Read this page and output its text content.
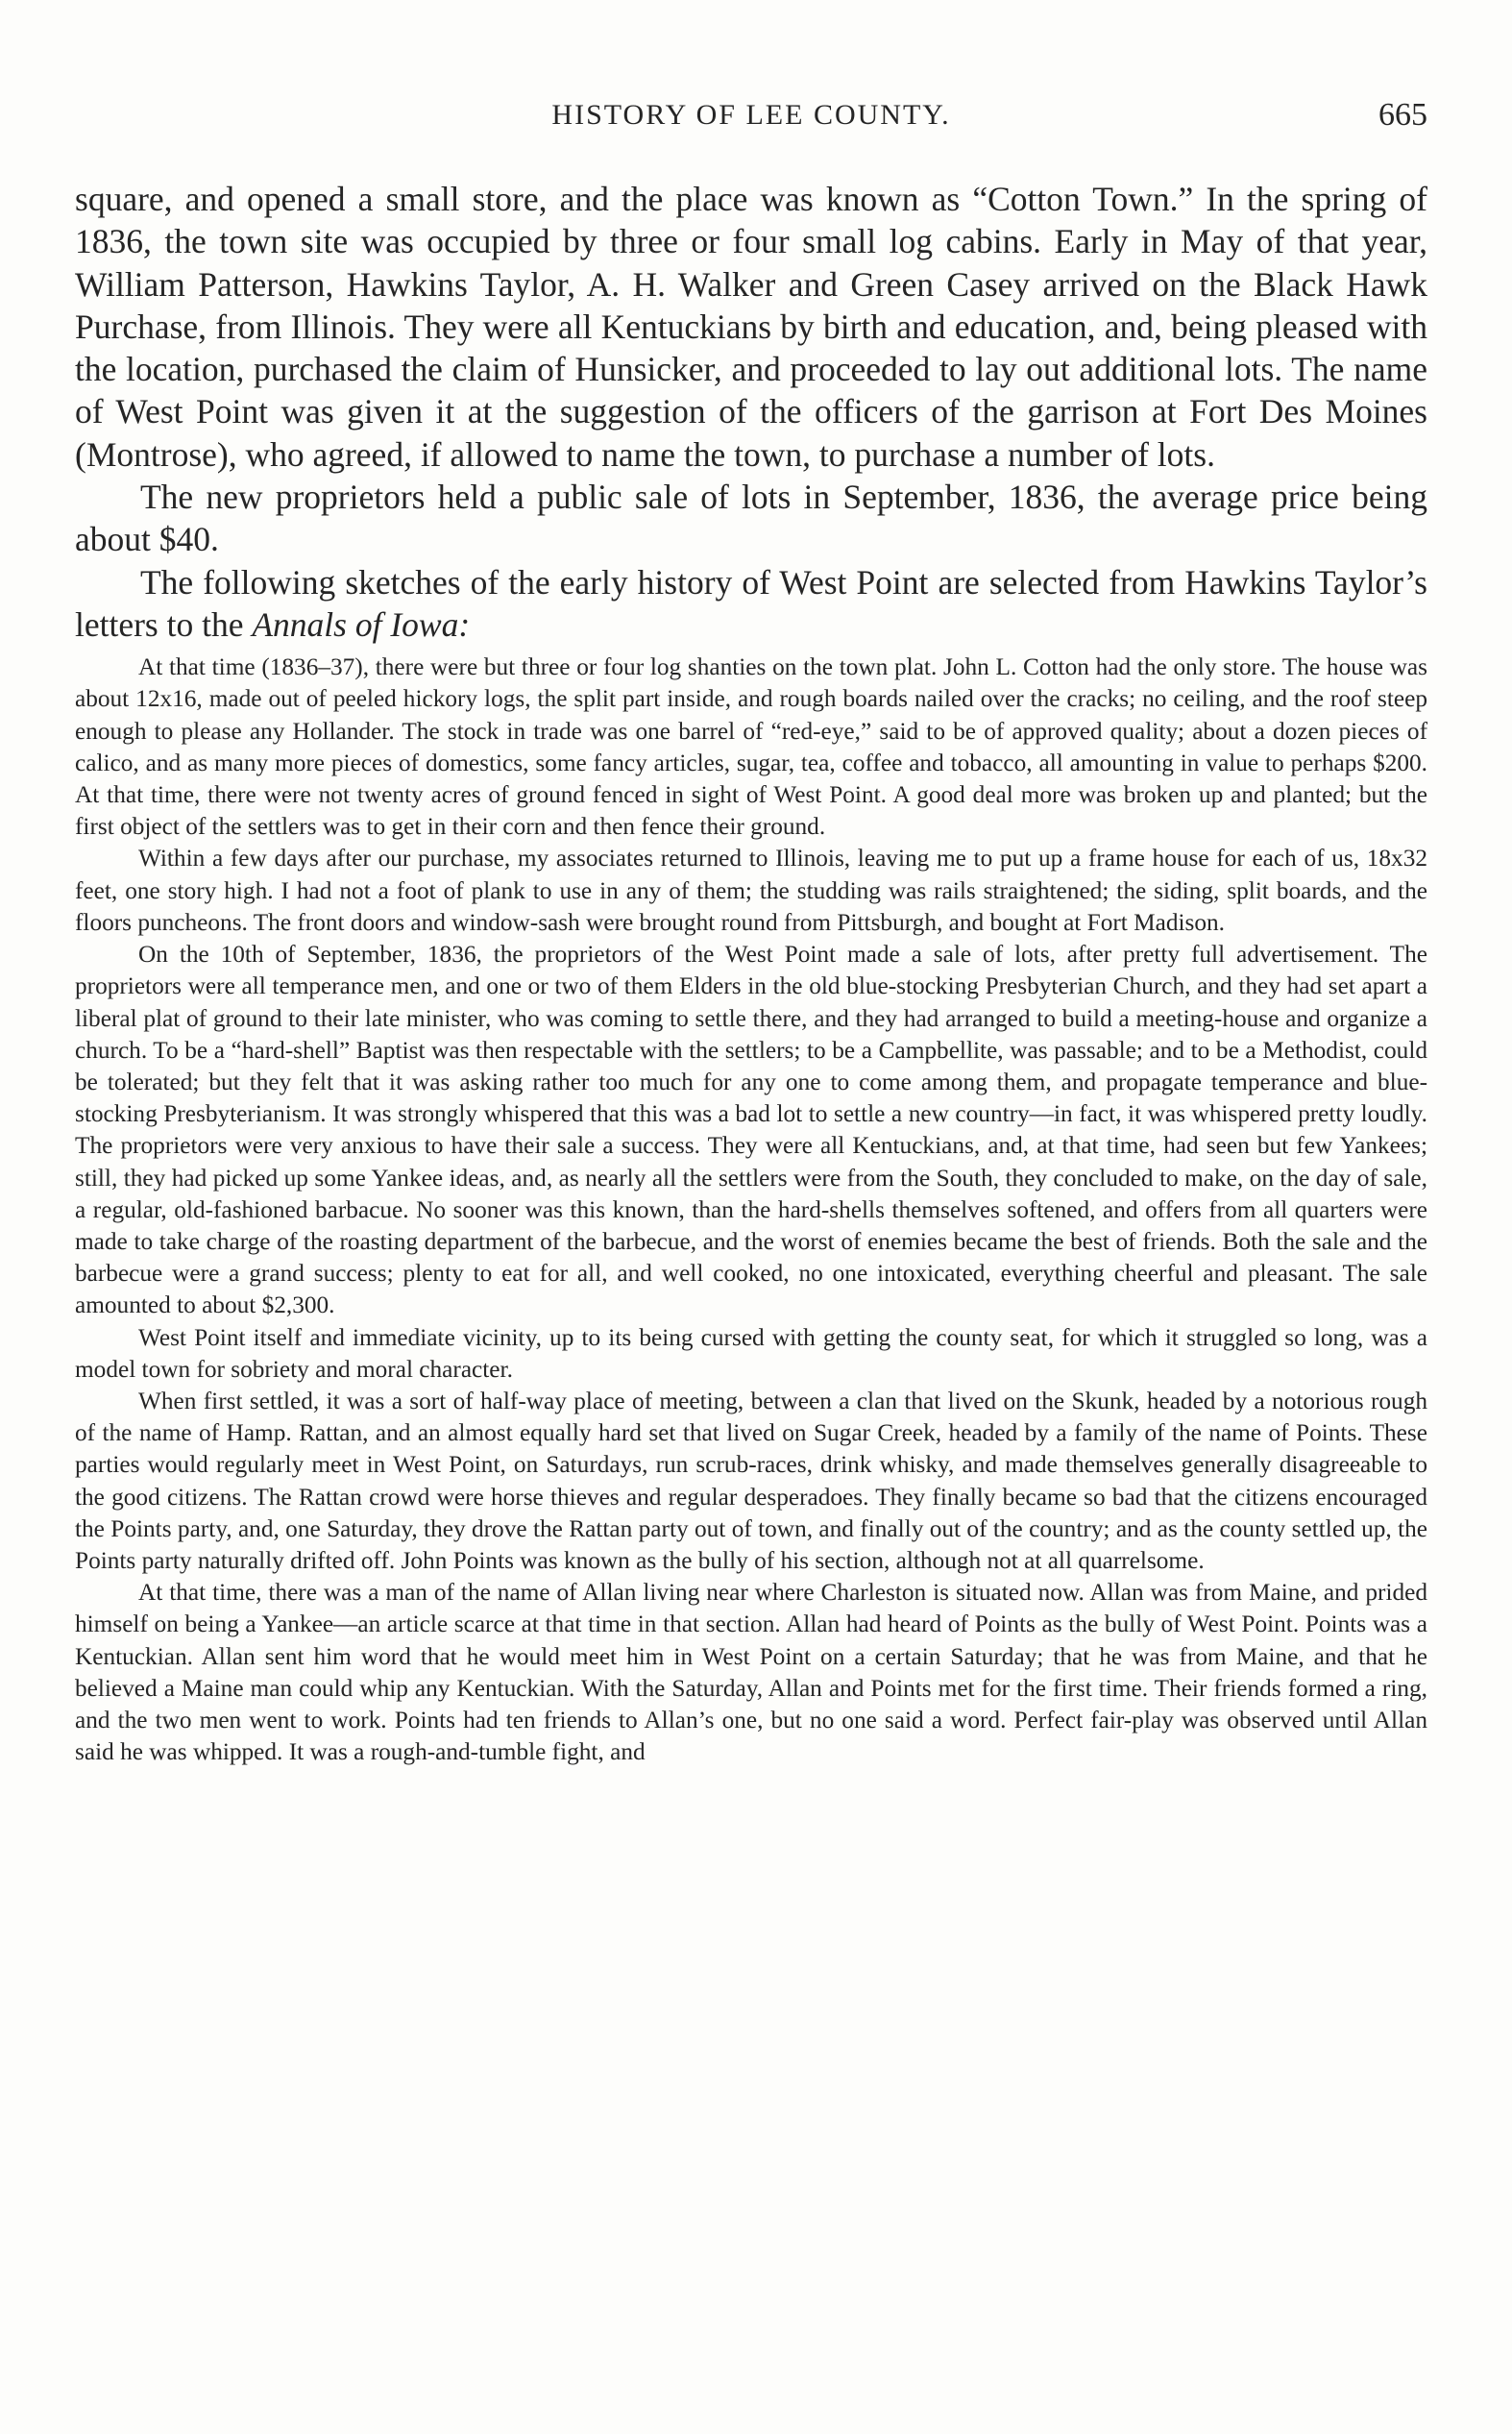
HISTORY OF LEE COUNTY.	665

square, and opened a small store, and the place was known as “Cotton Town.” In the spring of 1836, the town site was occupied by three or four small log cabins. Early in May of that year, William Patterson, Hawkins Taylor, A. H. Walker and Green Casey arrived on the Black Hawk Purchase, from Illinois. They were all Kentuckians by birth and education, and, being pleased with the location, purchased the claim of Hunsicker, and proceeded to lay out additional lots. The name of West Point was given it at the suggestion of the officers of the garrison at Fort Des Moines (Montrose), who agreed, if allowed to name the town, to purchase a number of lots.

The new proprietors held a public sale of lots in September, 1836, the average price being about $40.

The following sketches of the early history of West Point are selected from Hawkins Taylor’s letters to the Annals of Iowa:

At that time (1836–37), there were but three or four log shanties on the town plat. John L. Cotton had the only store. The house was about 12x16, made out of peeled hickory logs, the split part inside, and rough boards nailed over the cracks; no ceiling, and the roof steep enough to please any Hollander. The stock in trade was one barrel of “red-eye,” said to be of approved quality; about a dozen pieces of calico, and as many more pieces of domestics, some fancy articles, sugar, tea, coffee and tobacco, all amounting in value to perhaps $200. At that time, there were not twenty acres of ground fenced in sight of West Point. A good deal more was broken up and planted; but the first object of the settlers was to get in their corn and then fence their ground.

Within a few days after our purchase, my associates returned to Illinois, leaving me to put up a frame house for each of us, 18x32 feet, one story high. I had not a foot of plank to use in any of them; the studding was rails straightened; the siding, split boards, and the floors puncheons. The front doors and window-sash were brought round from Pittsburgh, and bought at Fort Madison.

On the 10th of September, 1836, the proprietors of the West Point made a sale of lots, after pretty full advertisement. The proprietors were all temperance men, and one or two of them Elders in the old blue-stocking Presbyterian Church, and they had set apart a liberal plat of ground to their late minister, who was coming to settle there, and they had arranged to build a meeting-house and organize a church. To be a “hard-shell” Baptist was then respectable with the settlers; to be a Campbellite, was passable; and to be a Methodist, could be tolerated; but they felt that it was asking rather too much for any one to come among them, and propagate temperance and blue-stocking Presbyterianism. It was strongly whispered that this was a bad lot to settle a new country—in fact, it was whispered pretty loudly. The proprietors were very anxious to have their sale a success. They were all Kentuckians, and, at that time, had seen but few Yankees; still, they had picked up some Yankee ideas, and, as nearly all the settlers were from the South, they concluded to make, on the day of sale, a regular, old-fashioned barbacue. No sooner was this known, than the hard-shells themselves softened, and offers from all quarters were made to take charge of the roasting department of the barbecue, and the worst of enemies became the best of friends. Both the sale and the barbecue were a grand success; plenty to eat for all, and well cooked, no one intoxicated, everything cheerful and pleasant. The sale amounted to about $2,300.

West Point itself and immediate vicinity, up to its being cursed with getting the county seat, for which it struggled so long, was a model town for sobriety and moral character.

When first settled, it was a sort of half-way place of meeting, between a clan that lived on the Skunk, headed by a notorious rough of the name of Hamp. Rattan, and an almost equally hard set that lived on Sugar Creek, headed by a family of the name of Points. These parties would regularly meet in West Point, on Saturdays, run scrub-races, drink whisky, and made themselves generally disagreeable to the good citizens. The Rattan crowd were horse thieves and regular desperadoes. They finally became so bad that the citizens encouraged the Points party, and, one Saturday, they drove the Rattan party out of town, and finally out of the country; and as the county settled up, the Points party naturally drifted off. John Points was known as the bully of his section, although not at all quarrelsome.

At that time, there was a man of the name of Allan living near where Charleston is situated now. Allan was from Maine, and prided himself on being a Yankee—an article scarce at that time in that section. Allan had heard of Points as the bully of West Point. Points was a Kentuckian. Allan sent him word that he would meet him in West Point on a certain Saturday; that he was from Maine, and that he believed a Maine man could whip any Kentuckian. With the Saturday, Allan and Points met for the first time. Their friends formed a ring, and the two men went to work. Points had ten friends to Allan’s one, but no one said a word. Perfect fair-play was observed until Allan said he was whipped. It was a rough-and-tumble fight, and
